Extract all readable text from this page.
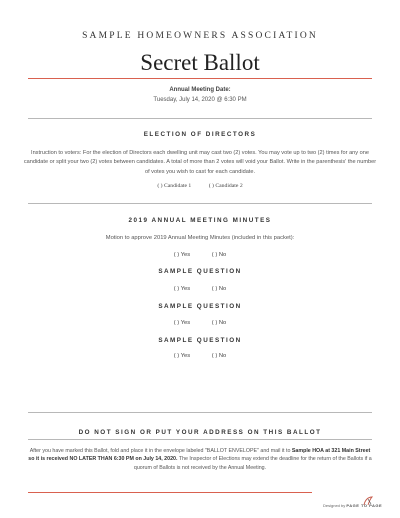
SAMPLE HOMEOWNERS ASSOCIATION
Secret Ballot
Annual Meeting Date:
Tuesday, July 14, 2020 @ 6:30 PM
ELECTION OF DIRECTORS
Instruction to voters: For the election of Directors each dwelling unit may cast two (2) votes. You may vote up to two (2) times for any one candidate or split your two (2) votes between candidates. A total of more than 2 votes will void your Ballot. Write in the parenthesis' the number of votes you wish to cast for each candidate.
( ) Candidate 1	( ) Candidate 2
2019 ANNUAL MEETING MINUTES
Motion to approve 2019 Annual Meeting Minutes (included in this packet):
( ) Yes	( ) No
SAMPLE QUESTION
( ) Yes	( ) No
SAMPLE QUESTION
( ) Yes	( ) No
SAMPLE QUESTION
( ) Yes	( ) No
DO NOT SIGN OR PUT YOUR ADDRESS ON THIS BALLOT
After you have marked this Ballot, fold and place it in the envelope labeled "BALLOT ENVELOPE" and mail it to Sample HOA at 321 Main Street so it is received NO LATER THAN 6:30 PM on July 14, 2020. The Inspector of Elections may extend the deadline for the return of the Ballots if a quorum of Ballots is not received by the Annual Meeting.
Designed by PAGE TO PAGE
